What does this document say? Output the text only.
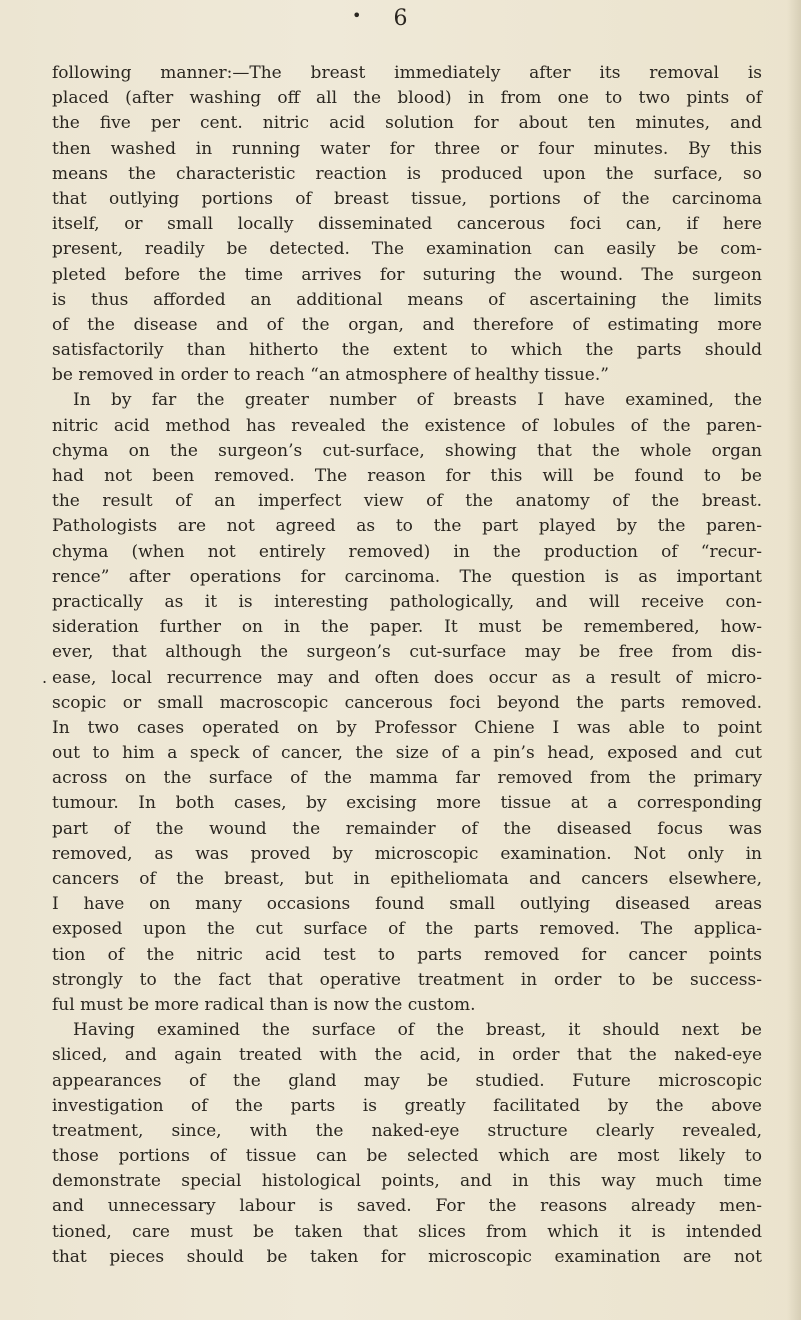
6
•
.
following manner:—The breast immediately after its removal is
placed (after washing off all the blood) in from one to two pints of
the five per cent. nitric acid solution for about ten minutes, and
then washed in running water for three or four minutes. By this
means the characteristic reaction is produced upon the surface, so
that outlying portions of breast tissue, portions of the carcinoma
itself, or small locally disseminated cancerous foci can, if here
present, readily be detected. The examination can easily be com-
pleted before the time arrives for suturing the wound. The surgeon
is thus afforded an additional means of ascertaining the limits
of the disease and of the organ, and therefore of estimating more
satisfactorily than hitherto the extent to which the parts should
be removed in order to reach “an atmosphere of healthy tissue.”
In by far the greater number of breasts I have examined, the
nitric acid method has revealed the existence of lobules of the paren-
chyma on the surgeon’s cut-surface, showing that the whole organ
had not been removed. The reason for this will be found to be
the result of an imperfect view of the anatomy of the breast.
Pathologists are not agreed as to the part played by the paren-
chyma (when not entirely removed) in the production of “recur-
rence” after operations for carcinoma. The question is as important
practically as it is interesting pathologically, and will receive con-
sideration further on in the paper. It must be remembered, how-
ever, that although the surgeon’s cut-surface may be free from dis-
ease, local recurrence may and often does occur as a result of micro-
scopic or small macroscopic cancerous foci beyond the parts removed.
In two cases operated on by Professor Chiene I was able to point
out to him a speck of cancer, the size of a pin’s head, exposed and cut
across on the surface of the mamma far removed from the primary
tumour. In both cases, by excising more tissue at a corresponding
part of the wound the remainder of the diseased focus was
removed, as was proved by microscopic examination. Not only in
cancers of the breast, but in epitheliomata and cancers elsewhere,
I have on many occasions found small outlying diseased areas
exposed upon the cut surface of the parts removed. The applica-
tion of the nitric acid test to parts removed for cancer points
strongly to the fact that operative treatment in order to be success-
ful must be more radical than is now the custom.
Having examined the surface of the breast, it should next be
sliced, and again treated with the acid, in order that the naked-eye
appearances of the gland may be studied. Future microscopic
investigation of the parts is greatly facilitated by the above
treatment, since, with the naked-eye structure clearly revealed,
those portions of tissue can be selected which are most likely to
demonstrate special histological points, and in this way much time
and unnecessary labour is saved. For the reasons already men-
tioned, care must be taken that slices from which it is intended
that pieces should be taken for microscopic examination are not
